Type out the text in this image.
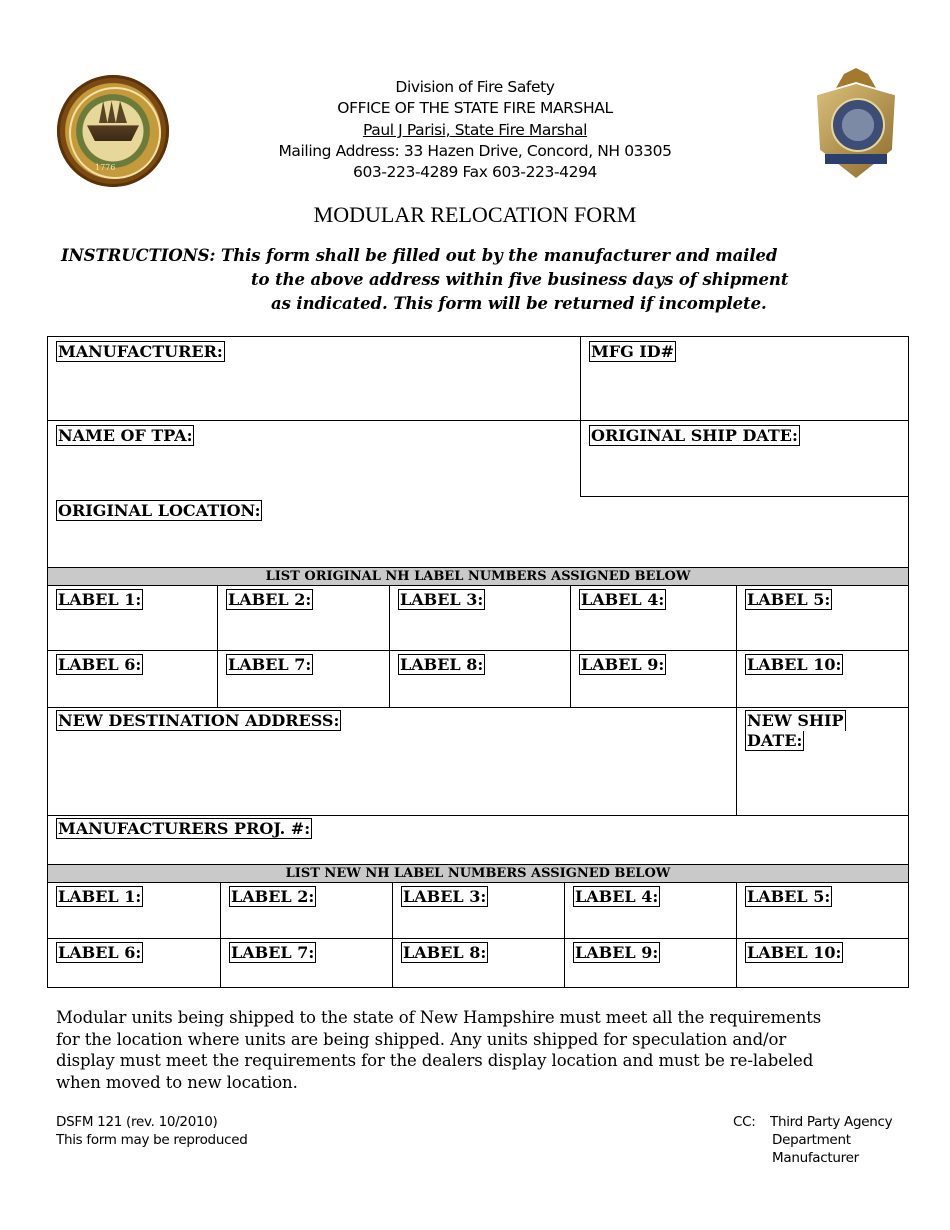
1776
Division of Fire Safety
OFFICE OF THE STATE FIRE MARSHAL
Paul J Parisi, State Fire Marshal
Mailing Address: 33 Hazen Drive, Concord, NH 03305
603-223-4289 Fax 603-223-4294
MODULAR RELOCATION FORM
INSTRUCTIONS: This form shall be filled out by the manufacturer and mailed
to the above address within five business days of shipment
as indicated. This form will be returned if incomplete.
MANUFACTURER:	MFG ID#
NAME OF TPA:	ORIGINAL SHIP DATE:
ORIGINAL LOCATION:
LIST ORIGINAL NH LABEL NUMBERS ASSIGNED BELOW
LABEL 1:	LABEL 2:	LABEL 3:	LABEL 4:	LABEL 5:
LABEL 6:	LABEL 7:	LABEL 8:	LABEL 9:	LABEL 10:
NEW DESTINATION ADDRESS:	NEW SHIP
DATE:
MANUFACTURERS PROJ. #:
LIST NEW NH LABEL NUMBERS ASSIGNED BELOW
LABEL 1:	LABEL 2:	LABEL 3:	LABEL 4:	LABEL 5:
LABEL 6:	LABEL 7:	LABEL 8:	LABEL 9:	LABEL 10:
Modular units being shipped to the state of New Hampshire must meet all the requirements
for the location where units are being shipped. Any units shipped for speculation and/or
display must meet the requirements for the dealers display location and must be re-labeled
when moved to new location.
DSFM 121 (rev. 10/2010)
This form may be reproduced
CC: Third Party Agency
Department
Manufacturer
